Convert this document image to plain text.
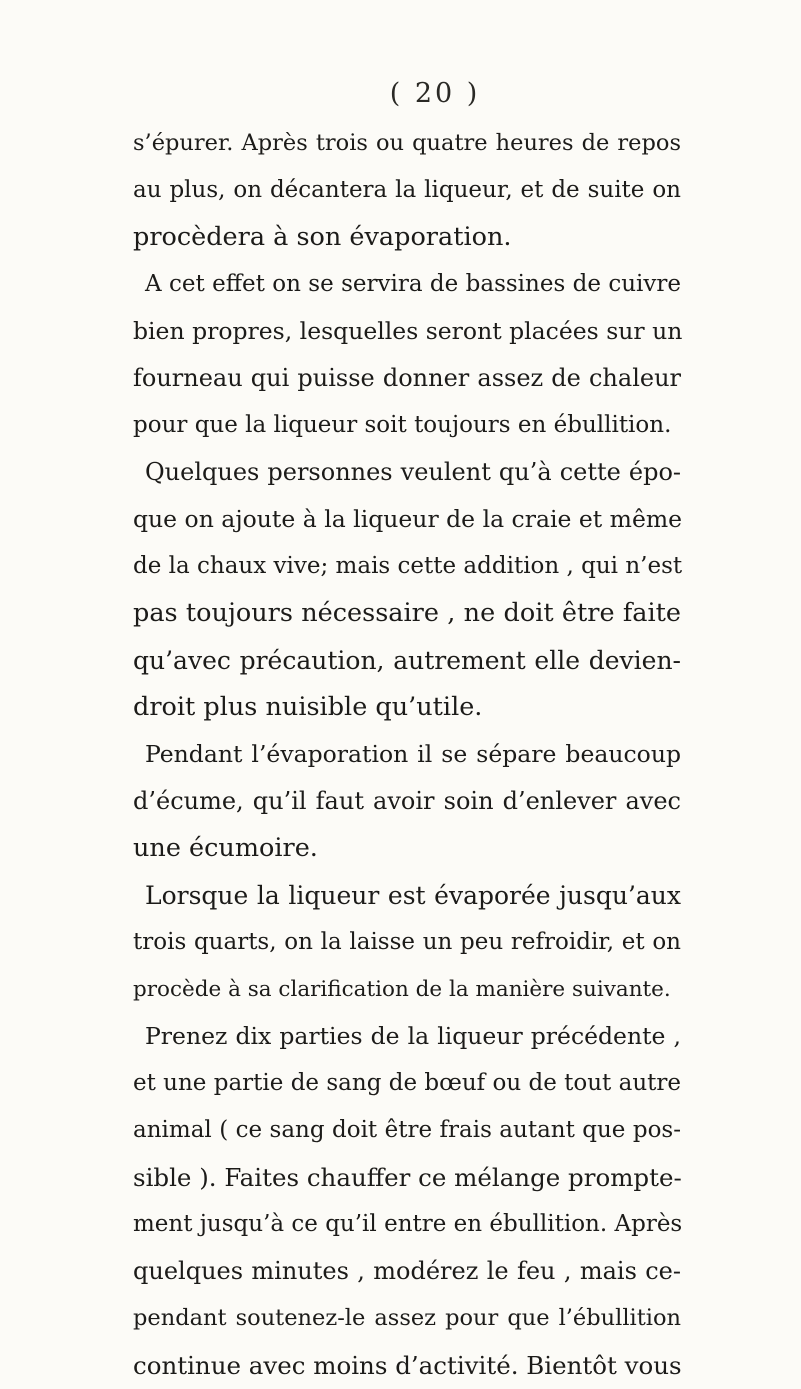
( 20 )
s’épurer. Après trois ou quatre heures de repos
au plus, on décantera la liqueur, et de suite on
procèdera à son évaporation.
A cet effet on se servira de bassines de cuivre
bien propres, lesquelles seront placées sur un
fourneau qui puisse donner assez de chaleur
pour que la liqueur soit toujours en ébullition.
Quelques personnes veulent qu’à cette épo-
que on ajoute à la liqueur de la craie et même
de la chaux vive; mais cette addition , qui n’est
pas toujours nécessaire , ne doit être faite
qu’avec précaution, autrement elle devien-
droit plus nuisible qu’utile.
Pendant l’évaporation il se sépare beaucoup
d’écume, qu’il faut avoir soin d’enlever avec
une écumoire.
Lorsque la liqueur est évaporée jusqu’aux
trois quarts, on la laisse un peu refroidir, et on
procède à sa clarification de la manière suivante.
Prenez dix parties de la liqueur précédente ,
et une partie de sang de bœuf ou de tout autre
animal ( ce sang doit être frais autant que pos-
sible ). Faites chauffer ce mélange prompte-
ment jusqu’à ce qu’il entre en ébullition. Après
quelques minutes , modérez le feu , mais ce-
pendant soutenez-le assez pour que l’ébullition
continue avec moins d’activité. Bientôt vous
